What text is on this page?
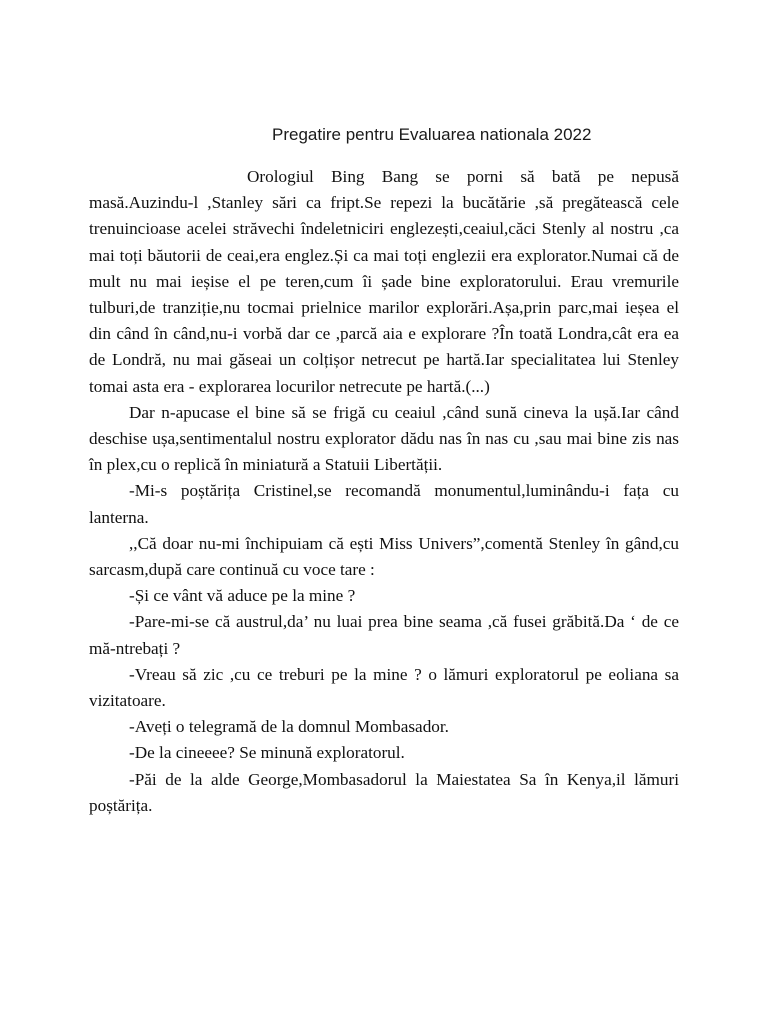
Pregatire pentru Evaluarea nationala 2022

Orologiul Bing Bang se porni să bată pe nepusă masă.Auzindu-l ,Stanley sări ca fript.Se repezi la bucătărie ,să pregătească cele trenuincioase acelei străvechi îndeletniciri englezești,ceaiul,căci Stenly al nostru ,ca mai toți băutorii de ceai,era englez.Și ca mai toți englezii era explorator.Numai că de mult nu mai ieșise el pe teren,cum îi șade bine exploratorului. Erau vremurile tulburi,de tranziție,nu tocmai prielnice marilor explorări.Așa,prin parc,mai ieșea el din când în când,nu-i vorbă dar ce ,parcă aia e explorare ?În toată Londra,cât era ea de Londră, nu mai găseai un colțișor netrecut pe hartă.Iar specialitatea lui Stenley tomai asta era - explorarea locurilor netrecute pe hartă.(...)

Dar n-apucase el bine să se frigă cu ceaiul ,când sună cineva la ușă.Iar când deschise ușa,sentimentalul nostru explorator dădu nas în nas cu ,sau mai bine zis nas în plex,cu o replică în miniatură a Statuii Libertății.

-Mi-s poștărița Cristinel,se recomandă monumentul,luminându-i fața cu lanterna.

,,Că doar nu-mi închipuiam că ești Miss Univers”,comentă Stenley în gând,cu sarcasm,după care continuă cu voce tare :

-Și ce vânt vă aduce pe la mine ?

-Pare-mi-se că austrul,da’ nu luai prea bine seama ,că fusei grăbită.Da ‘ de ce mă-ntrebați ?

-Vreau să zic ,cu ce treburi pe la mine ? o lămuri exploratorul pe eoliana sa vizitatoare.

-Aveți o telegramă de la domnul Mombasador.

-De la cineeee? Se minună exploratorul.

-Păi de la alde George,Mombasadorul la Maiestatea Sa în Kenya,il lămuri poștărița.
